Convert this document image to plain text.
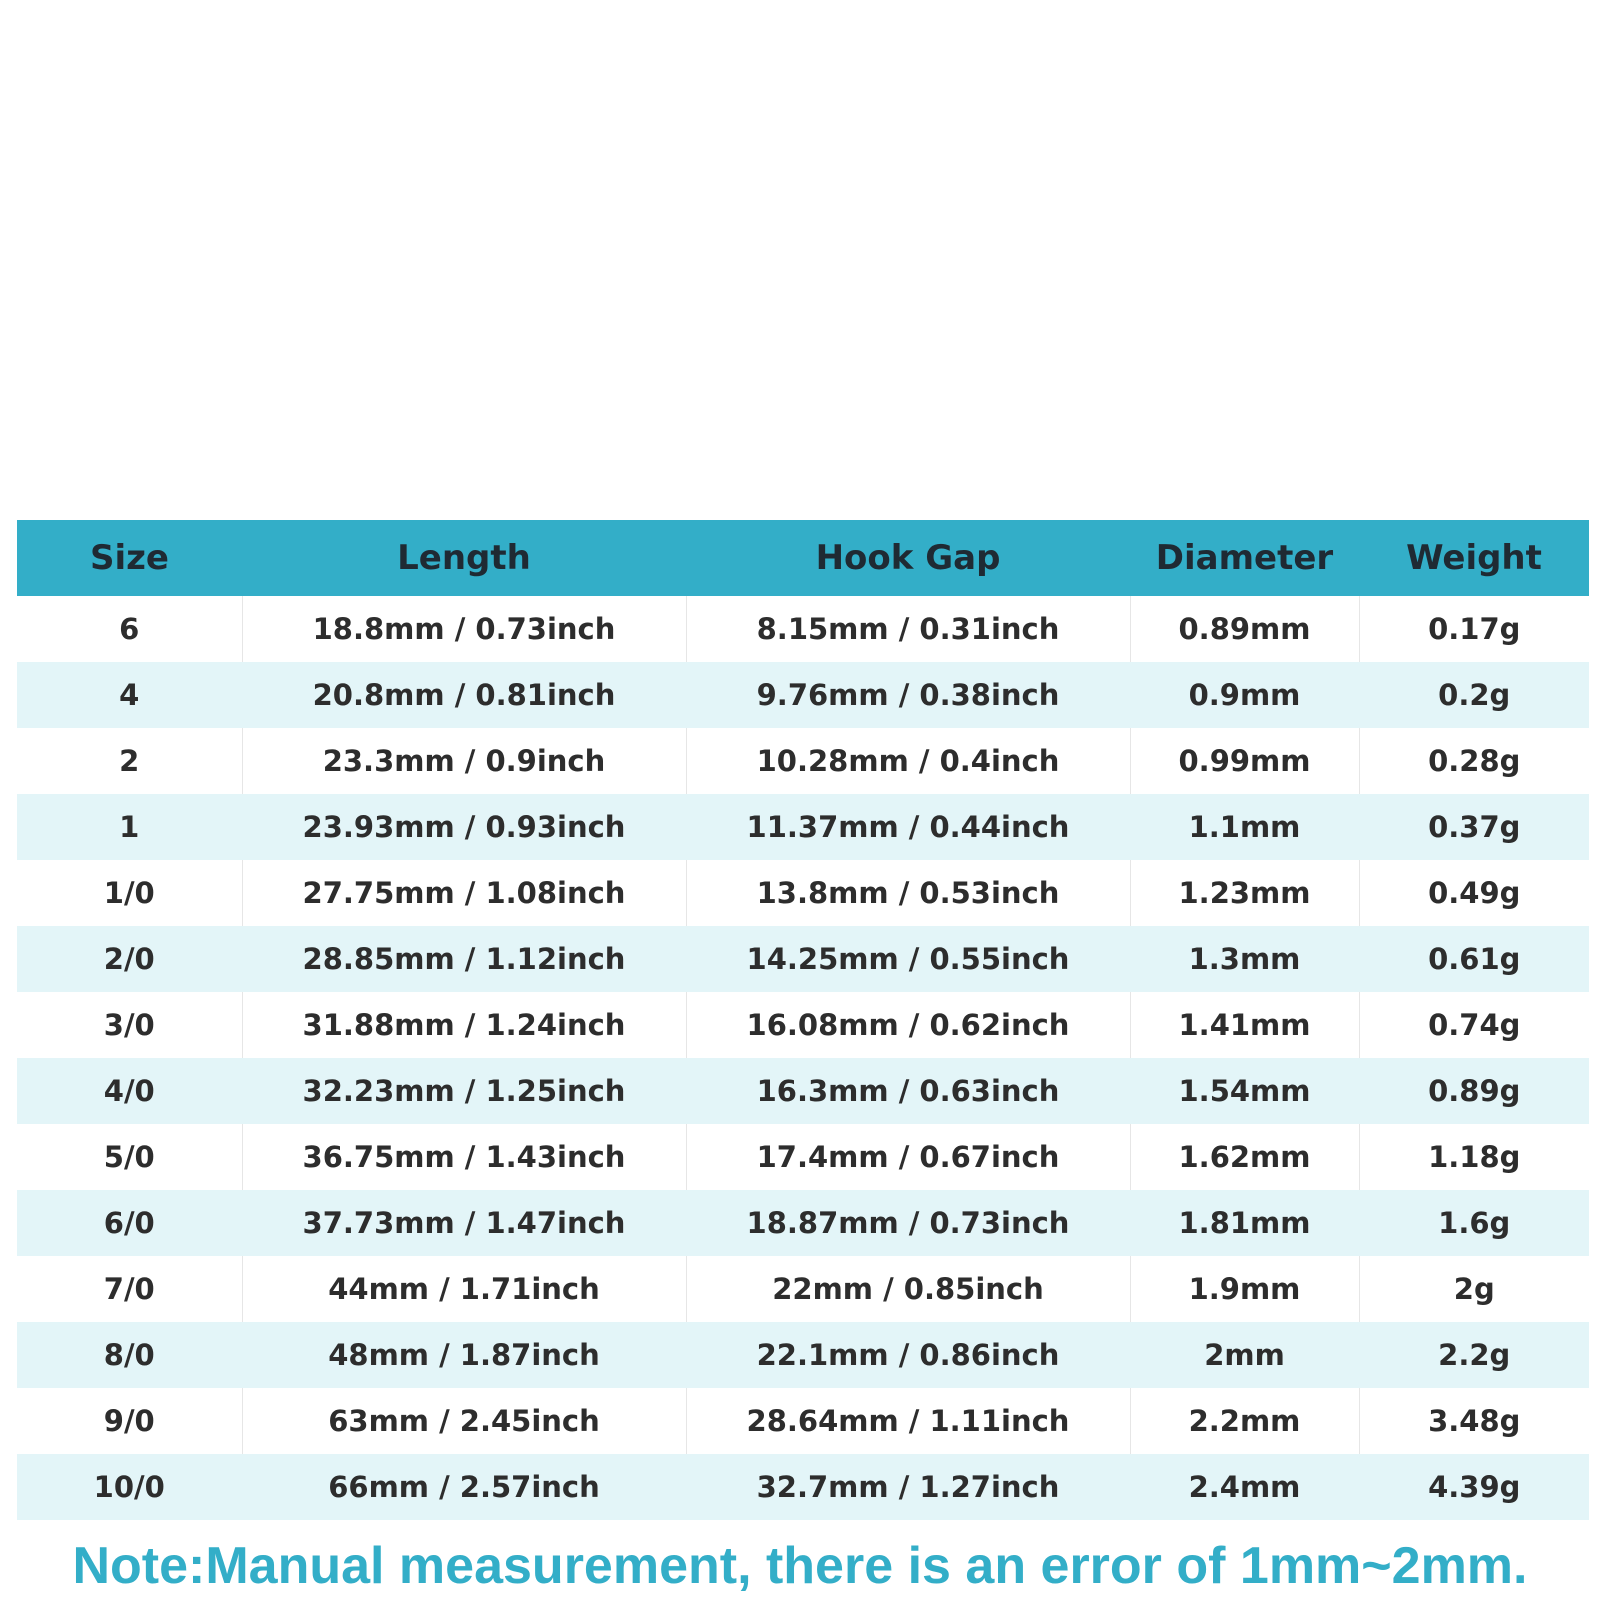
Size	Length	Hook Gap	Diameter	Weight
6	18.8mm / 0.73inch	8.15mm / 0.31inch	0.89mm	0.17g
4	20.8mm / 0.81inch	9.76mm / 0.38inch	0.9mm	0.2g
2	23.3mm / 0.9inch	10.28mm / 0.4inch	0.99mm	0.28g
1	23.93mm / 0.93inch	11.37mm / 0.44inch	1.1mm	0.37g
1/0	27.75mm / 1.08inch	13.8mm / 0.53inch	1.23mm	0.49g
2/0	28.85mm / 1.12inch	14.25mm / 0.55inch	1.3mm	0.61g
3/0	31.88mm / 1.24inch	16.08mm / 0.62inch	1.41mm	0.74g
4/0	32.23mm / 1.25inch	16.3mm / 0.63inch	1.54mm	0.89g
5/0	36.75mm / 1.43inch	17.4mm / 0.67inch	1.62mm	1.18g
6/0	37.73mm / 1.47inch	18.87mm / 0.73inch	1.81mm	1.6g
7/0	44mm / 1.71inch	22mm / 0.85inch	1.9mm	2g
8/0	48mm / 1.87inch	22.1mm / 0.86inch	2mm	2.2g
9/0	63mm / 2.45inch	28.64mm / 1.11inch	2.2mm	3.48g
10/0	66mm / 2.57inch	32.7mm / 1.27inch	2.4mm	4.39g
Note:Manual measurement, there is an error of 1mm~2mm.
